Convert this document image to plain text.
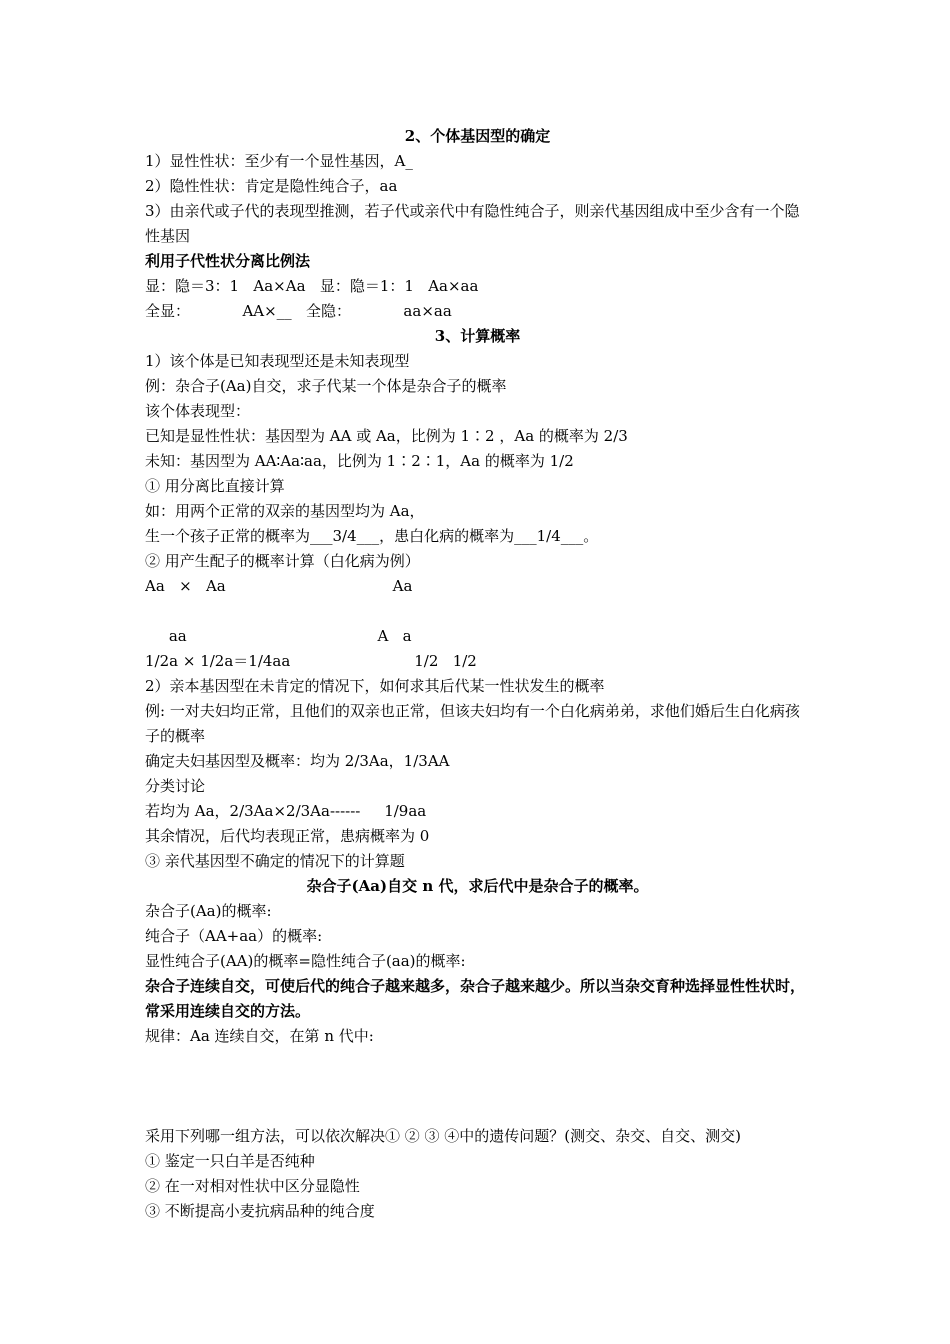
2、个体基因型的确定
1）显性性状：至少有一个显性基因，A_
2）隐性性状：肯定是隐性纯合子，aa
3）由亲代或子代的表现型推测，若子代或亲代中有隐性纯合子，则亲代基因组成中至少含有一个隐性基因
利用子代性状分离比例法
显：隐＝3：1   Aa×Aa   显：隐＝1：1   Aa×aa
全显：           AA×__   全隐：           aa×aa
3、计算概率
1）该个体是已知表现型还是未知表现型
例：杂合子(Aa)自交，求子代某一个体是杂合子的概率
该个体表现型：
已知是显性性状：基因型为 AA 或 Aa，比例为 1∶2 ，Aa 的概率为 2/3
未知：基因型为 AA∶Aa∶aa，比例为 1∶2∶1，Aa 的概率为 1/2
① 用分离比直接计算
如：用两个正常的双亲的基因型均为 Aa，
生一个孩子正常的概率为___3/4___，患白化病的概率为___1/4___。
② 用产生配子的概率计算（白化病为例）
Aa   ×   Aa                                   Aa
aa                                        A   a
1/2a × 1/2a＝1/4aa                          1/2   1/2
2）亲本基因型在未肯定的情况下，如何求其后代某一性状发生的概率
例: 一对夫妇均正常，且他们的双亲也正常，但该夫妇均有一个白化病弟弟，求他们婚后生白化病孩子的概率
确定夫妇基因型及概率：均为 2/3Aa，1/3AA
分类讨论
若均为 Aa，2/3Aa×2/3Aa------     1/9aa
其余情况，后代均表现正常，患病概率为 0
③ 亲代基因型不确定的情况下的计算题
杂合子(Aa)自交 n 代，求后代中是杂合子的概率。
杂合子(Aa)的概率:
纯合子（AA+aa）的概率:
显性纯合子(AA)的概率=隐性纯合子(aa)的概率:
杂合子连续自交，可使后代的纯合子越来越多，杂合子越来越少。所以当杂交育种选择显性性状时，常采用连续自交的方法。
规律：Aa 连续自交，在第 n 代中:
采用下列哪一组方法，可以依次解决① ② ③ ④中的遗传问题？(测交、杂交、自交、测交)
① 鉴定一只白羊是否纯种
② 在一对相对性状中区分显隐性
③ 不断提高小麦抗病品种的纯合度
